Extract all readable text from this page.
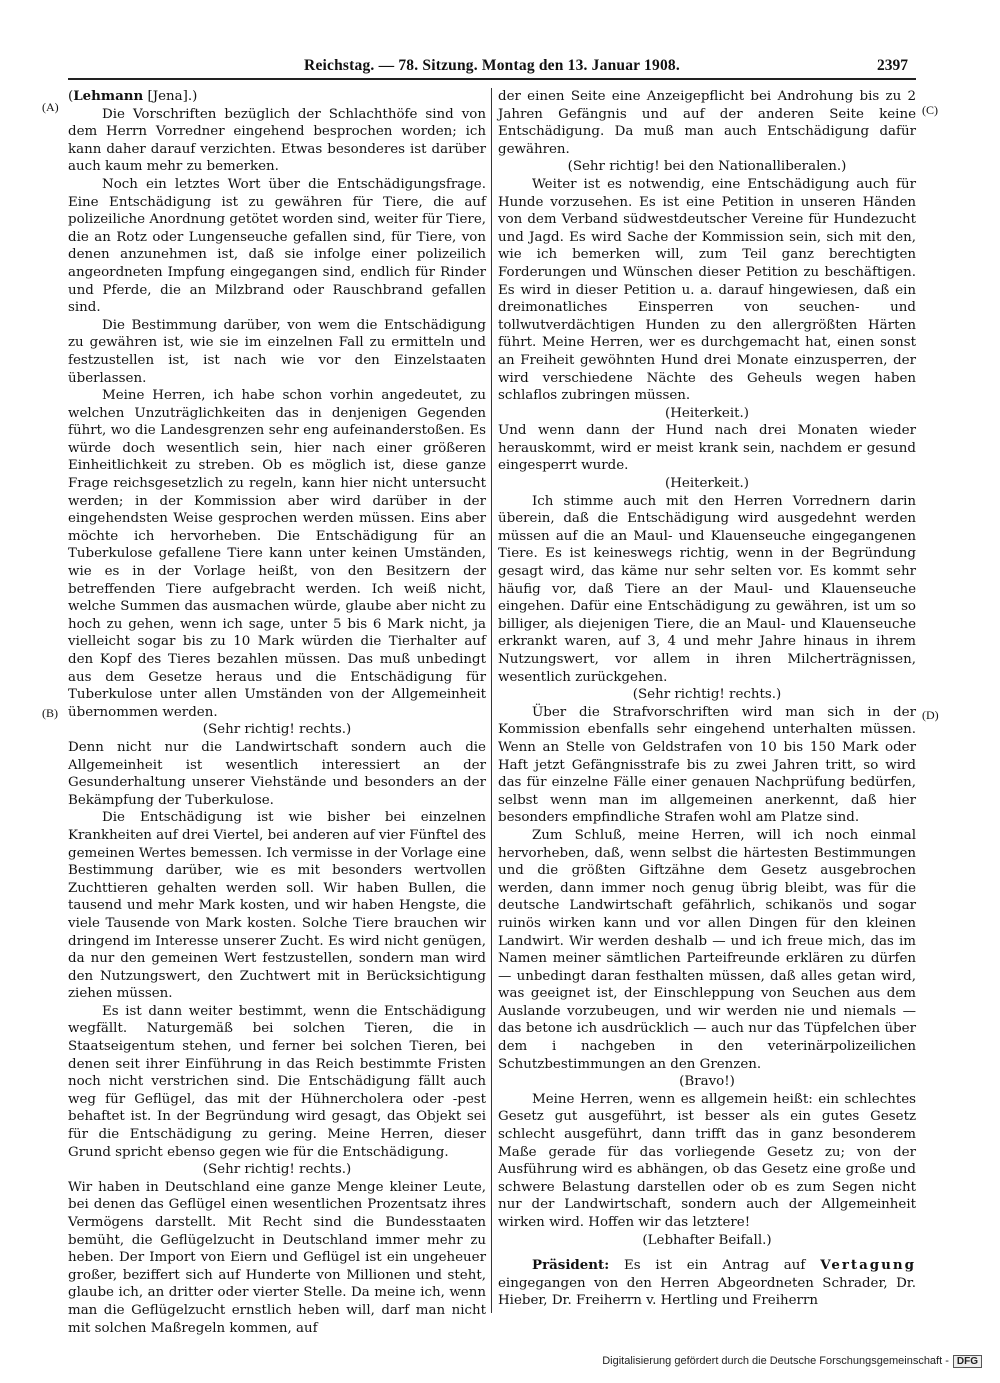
Reichstag. — 78. Sitzung. Montag den 13. Januar 1908.	2397
(A)
(B)
(C)
(D)

(Lehmann [Jena].)

Die Vorschriften bezüglich der Schlachthöfe sind von dem Herrn Vorredner eingehend besprochen worden; ich kann daher darauf verzichten. Etwas besonderes ist darüber auch kaum mehr zu bemerken.

Noch ein letztes Wort über die Entschädigungsfrage. Eine Entschädigung ist zu gewähren für Tiere, die auf polizeiliche Anordnung getötet worden sind, weiter für Tiere, die an Rotz oder Lungenseuche gefallen sind, für Tiere, von denen anzunehmen ist, daß sie infolge einer polizeilich angeordneten Impfung eingegangen sind, endlich für Rinder und Pferde, die an Milzbrand oder Rauschbrand gefallen sind.

Die Bestimmung darüber, von wem die Entschädigung zu gewähren ist, wie sie im einzelnen Fall zu ermitteln und festzustellen ist, ist nach wie vor den Einzelstaaten überlassen.

Meine Herren, ich habe schon vorhin angedeutet, zu welchen Unzuträglichkeiten das in denjenigen Gegenden führt, wo die Landesgrenzen sehr eng aufeinanderstoßen. Es würde doch wesentlich sein, hier nach einer größeren Einheitlichkeit zu streben. Ob es möglich ist, diese ganze Frage reichsgesetzlich zu regeln, kann hier nicht untersucht werden; in der Kommission aber wird darüber in der eingehendsten Weise gesprochen werden müssen. Eins aber möchte ich hervorheben. Die Entschädigung für an Tuberkulose gefallene Tiere kann unter keinen Umständen, wie es in der Vorlage heißt, von den Besitzern der betreffenden Tiere aufgebracht werden. Ich weiß nicht, welche Summen das ausmachen würde, glaube aber nicht zu hoch zu gehen, wenn ich sage, unter 5 bis 6 Mark nicht, ja vielleicht sogar bis zu 10 Mark würden die Tierhalter auf den Kopf des Tieres bezahlen müssen. Das muß unbedingt aus dem Gesetze heraus und die Entschädigung für Tuberkulose unter allen Umständen von der Allgemeinheit übernommen werden.

(Sehr richtig! rechts.)

Denn nicht nur die Landwirtschaft sondern auch die Allgemeinheit ist wesentlich interessiert an der Gesunderhaltung unserer Viehstände und besonders an der Bekämpfung der Tuberkulose.

Die Entschädigung ist wie bisher bei einzelnen Krankheiten auf drei Viertel, bei anderen auf vier Fünftel des gemeinen Wertes bemessen. Ich vermisse in der Vorlage eine Bestimmung darüber, wie es mit besonders wertvollen Zuchttieren gehalten werden soll. Wir haben Bullen, die tausend und mehr Mark kosten, und wir haben Hengste, die viele Tausende von Mark kosten. Solche Tiere brauchen wir dringend im Interesse unserer Zucht. Es wird nicht genügen, da nur den gemeinen Wert festzustellen, sondern man wird den Nutzungswert, den Zuchtwert mit in Berücksichtigung ziehen müssen.

Es ist dann weiter bestimmt, wenn die Entschädigung wegfällt. Naturgemäß bei solchen Tieren, die in Staatseigentum stehen, und ferner bei solchen Tieren, bei denen seit ihrer Einführung in das Reich bestimmte Fristen noch nicht verstrichen sind. Die Entschädigung fällt auch weg für Geflügel, das mit der Hühnercholera oder -pest behaftet ist. In der Begründung wird gesagt, das Objekt sei für die Entschädigung zu gering. Meine Herren, dieser Grund spricht ebenso gegen wie für die Entschädigung.

(Sehr richtig! rechts.)

Wir haben in Deutschland eine ganze Menge kleiner Leute, bei denen das Geflügel einen wesentlichen Prozentsatz ihres Vermögens darstellt. Mit Recht sind die Bundesstaaten bemüht, die Geflügelzucht in Deutschland immer mehr zu heben. Der Import von Eiern und Geflügel ist ein ungeheuer großer, beziffert sich auf Hunderte von Millionen und steht, glaube ich, an dritter oder vierter Stelle. Da meine ich, wenn man die Geflügelzucht ernstlich heben will, darf man nicht mit solchen Maßregeln kommen, auf

der einen Seite eine Anzeigepflicht bei Androhung bis zu 2 Jahren Gefängnis und auf der anderen Seite keine Entschädigung. Da muß man auch Entschädigung dafür gewähren.

(Sehr richtig! bei den Nationalliberalen.)

Weiter ist es notwendig, eine Entschädigung auch für Hunde vorzusehen. Es ist eine Petition in unseren Händen von dem Verband südwestdeutscher Vereine für Hundezucht und Jagd. Es wird Sache der Kommission sein, sich mit den, wie ich bemerken will, zum Teil ganz berechtigten Forderungen und Wünschen dieser Petition zu beschäftigen. Es wird in dieser Petition u. a. darauf hingewiesen, daß ein dreimonatliches Einsperren von seuchen- und tollwutverdächtigen Hunden zu den allergrößten Härten führt. Meine Herren, wer es durchgemacht hat, einen sonst an Freiheit gewöhnten Hund drei Monate einzusperren, der wird verschiedene Nächte des Geheuls wegen haben schlaflos zubringen müssen.

(Heiterkeit.)

Und wenn dann der Hund nach drei Monaten wieder herauskommt, wird er meist krank sein, nachdem er gesund eingesperrt wurde.

(Heiterkeit.)

Ich stimme auch mit den Herren Vorrednern darin überein, daß die Entschädigung wird ausgedehnt werden müssen auf die an Maul- und Klauenseuche eingegangenen Tiere. Es ist keineswegs richtig, wenn in der Begründung gesagt wird, das käme nur sehr selten vor. Es kommt sehr häufig vor, daß Tiere an der Maul- und Klauenseuche eingehen. Dafür eine Entschädigung zu gewähren, ist um so billiger, als diejenigen Tiere, die an Maul- und Klauenseuche erkrankt waren, auf 3, 4 und mehr Jahre hinaus in ihrem Nutzungswert, vor allem in ihren Milcherträgnissen, wesentlich zurückgehen.

(Sehr richtig! rechts.)

Über die Strafvorschriften wird man sich in der Kommission ebenfalls sehr eingehend unterhalten müssen. Wenn an Stelle von Geldstrafen von 10 bis 150 Mark oder Haft jetzt Gefängnisstrafe bis zu zwei Jahren tritt, so wird das für einzelne Fälle einer genauen Nachprüfung bedürfen, selbst wenn man im allgemeinen anerkennt, daß hier besonders empfindliche Strafen wohl am Platze sind.

Zum Schluß, meine Herren, will ich noch einmal hervorheben, daß, wenn selbst die härtesten Bestimmungen und die größten Giftzähne dem Gesetz ausgebrochen werden, dann immer noch genug übrig bleibt, was für die deutsche Landwirtschaft gefährlich, schikanös und sogar ruinös wirken kann und vor allen Dingen für den kleinen Landwirt. Wir werden deshalb — und ich freue mich, das im Namen meiner sämtlichen Parteifreunde erklären zu dürfen — unbedingt daran festhalten müssen, daß alles getan wird, was geeignet ist, der Einschleppung von Seuchen aus dem Auslande vorzubeugen, und wir werden nie und niemals — das betone ich ausdrücklich — auch nur das Tüpfelchen über dem i nachgeben in den veterinärpolizeilichen Schutzbestimmungen an den Grenzen.

(Bravo!)

Meine Herren, wenn es allgemein heißt: ein schlechtes Gesetz gut ausgeführt, ist besser als ein gutes Gesetz schlecht ausgeführt, dann trifft das in ganz besonderem Maße gerade für das vorliegende Gesetz zu; von der Ausführung wird es abhängen, ob das Gesetz eine große und schwere Belastung darstellen oder ob es zum Segen nicht nur der Landwirtschaft, sondern auch der Allgemeinheit wirken wird. Hoffen wir das letztere!

(Lebhafter Beifall.)

Präsident: Es ist ein Antrag auf Vertagung eingegangen von den Herren Abgeordneten Schrader, Dr. Hieber, Dr. Freiherrn v. Hertling und Freiherrn

Digitalisierung gefördert durch die Deutsche Forschungsgemeinschaft - DFG
